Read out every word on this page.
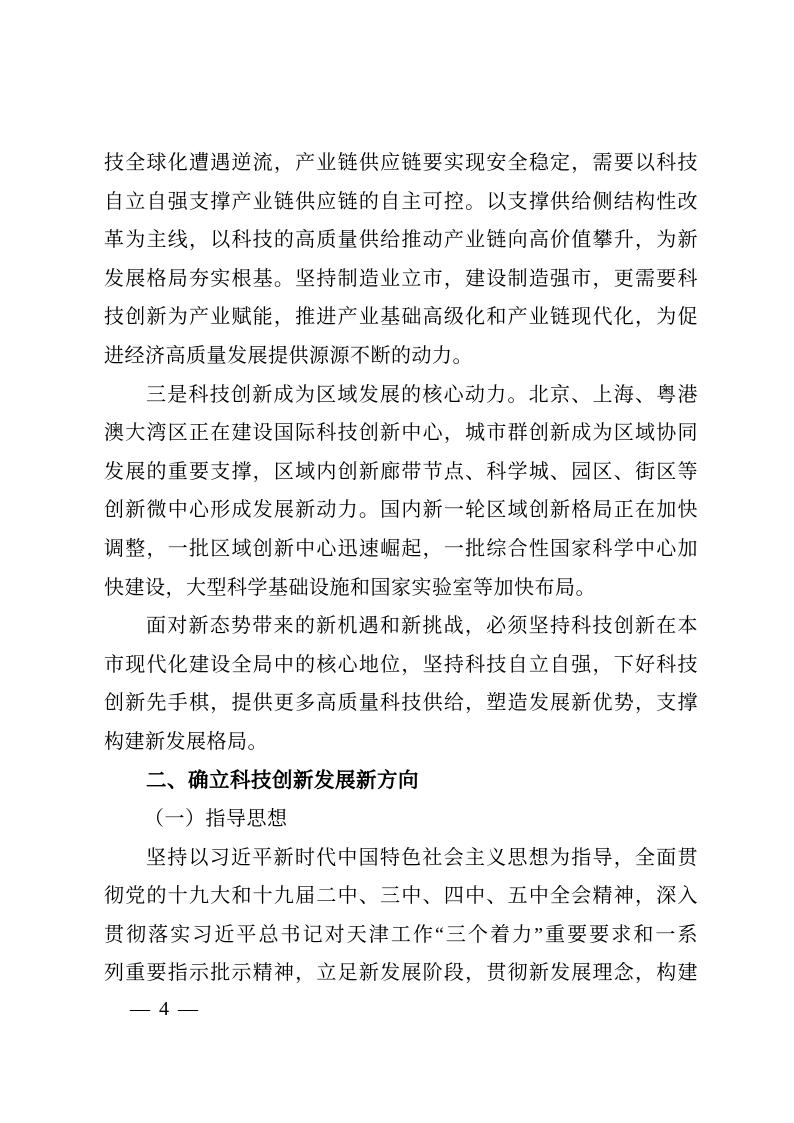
技全球化遭遇逆流，产业链供应链要实现安全稳定，需要以科技
自立自强支撑产业链供应链的自主可控。以支撑供给侧结构性改
革为主线，以科技的高质量供给推动产业链向高价值攀升，为新
发展格局夯实根基。坚持制造业立市，建设制造强市，更需要科
技创新为产业赋能，推进产业基础高级化和产业链现代化，为促
进经济高质量发展提供源源不断的动力。
三是科技创新成为区域发展的核心动力。北京、上海、粤港
澳大湾区正在建设国际科技创新中心，城市群创新成为区域协同
发展的重要支撑，区域内创新廊带节点、科学城、园区、街区等
创新微中心形成发展新动力。国内新一轮区域创新格局正在加快
调整，一批区域创新中心迅速崛起，一批综合性国家科学中心加
快建设，大型科学基础设施和国家实验室等加快布局。
面对新态势带来的新机遇和新挑战，必须坚持科技创新在本
市现代化建设全局中的核心地位，坚持科技自立自强，下好科技
创新先手棋，提供更多高质量科技供给，塑造发展新优势，支撑
构建新发展格局。
二、确立科技创新发展新方向
（一）指导思想
坚持以习近平新时代中国特色社会主义思想为指导，全面贯
彻党的十九大和十九届二中、三中、四中、五中全会精神，深入
贯彻落实习近平总书记对天津工作“三个着力”重要要求和一系
列重要指示批示精神，立足新发展阶段，贯彻新发展理念，构建
— 4 —
